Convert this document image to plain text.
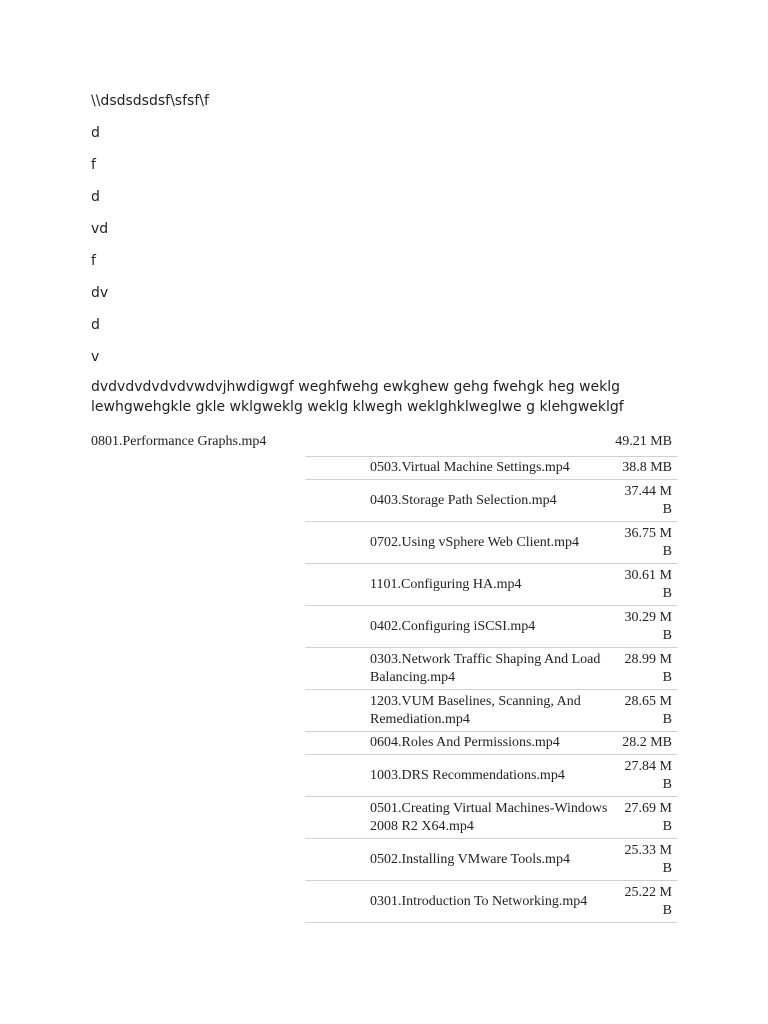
\\dsdsdsdsf\sfsf\f
d
f
d
vd
f
dv
d
v
dvdvdvdvdvdvwdvjhwdigwgf weghfwehg ewkghew gehg fwehgk heg weklg lewhgwehgkle gkle wklgweklg weklg klwegh weklghklweglwe g klehgweklgf
0801.Performance Graphs.mp4	49.21 MB
0503.Virtual Machine Settings.mp4	38.8 MB
0403.Storage Path Selection.mp4	37.44 MB
0702.Using vSphere Web Client.mp4	36.75 MB
1101.Configuring HA.mp4	30.61 MB
0402.Configuring iSCSI.mp4	30.29 MB
0303.Network Traffic Shaping And Load Balancing.mp4	28.99 MB
1203.VUM Baselines, Scanning, And Remediation.mp4	28.65 MB
0604.Roles And Permissions.mp4	28.2 MB
1003.DRS Recommendations.mp4	27.84 MB
0501.Creating Virtual Machines-Windows 2008 R2 X64.mp4	27.69 MB
0502.Installing VMware Tools.mp4	25.33 MB
0301.Introduction To Networking.mp4	25.22 MB
